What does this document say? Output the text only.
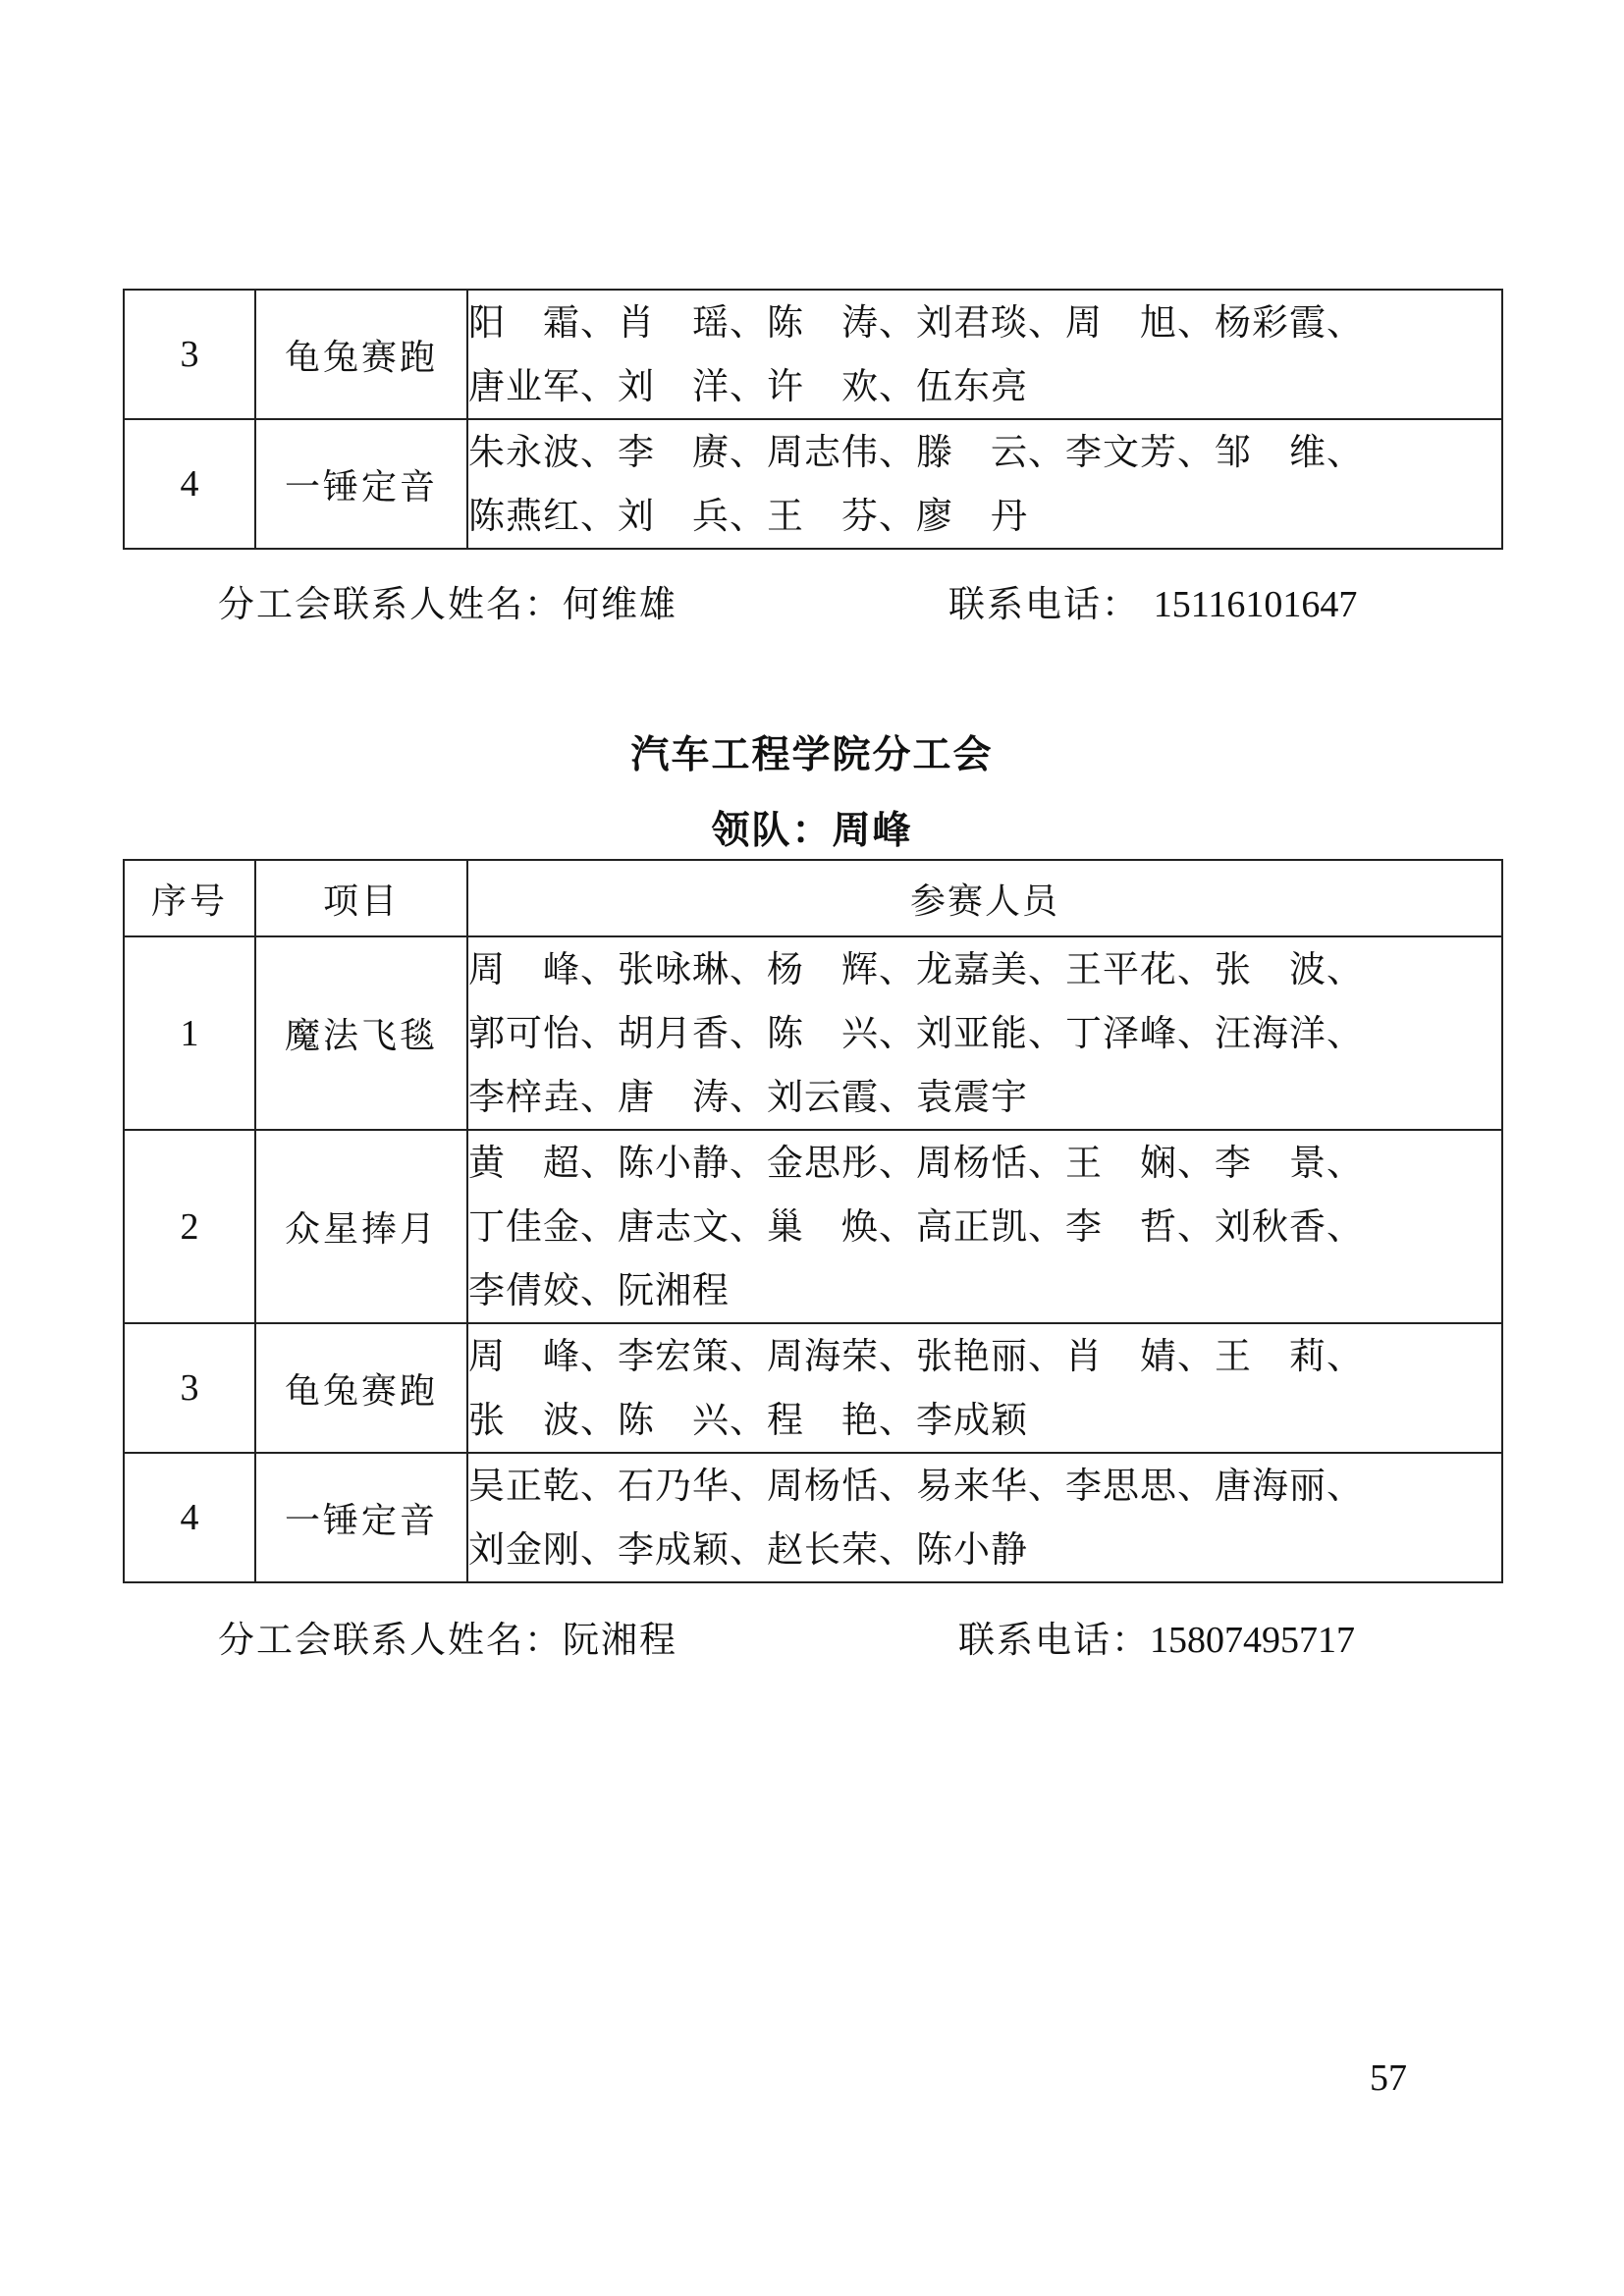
3	龟兔赛跑	阳　霜、肖　瑶、陈　涛、刘君琰、周　旭、杨彩霞、
唐业军、刘　洋、许　欢、伍东亮

4	一锤定音	朱永波、李　赓、周志伟、滕　云、李文芳、邹　维、
陈燕红、刘　兵、王　芬、廖　丹
分工会联系人姓名：何维雄	联系电话： 15116101647
汽车工程学院分工会
领队：周峰
序号	项目	参赛人员
1	魔法飞毯	周　峰、张咏琳、杨　辉、龙嘉美、王平花、张　波、
郭可怡、胡月香、陈　兴、刘亚能、丁泽峰、汪海洋、
李梓垚、唐　涛、刘云霞、袁震宇

2	众星捧月	黄　超、陈小静、金思彤、周杨恬、王　娴、李　景、
丁佳金、唐志文、巢　焕、高正凯、李　哲、刘秋香、
李倩姣、阮湘程

3	龟兔赛跑	周　峰、李宏策、周海荣、张艳丽、肖　婧、王　莉、
张　波、陈　兴、程　艳、李成颖

4	一锤定音	吴正乾、石乃华、周杨恬、易来华、李思思、唐海丽、
刘金刚、李成颖、赵长荣、陈小静
分工会联系人姓名：阮湘程	联系电话：15807495717
57
